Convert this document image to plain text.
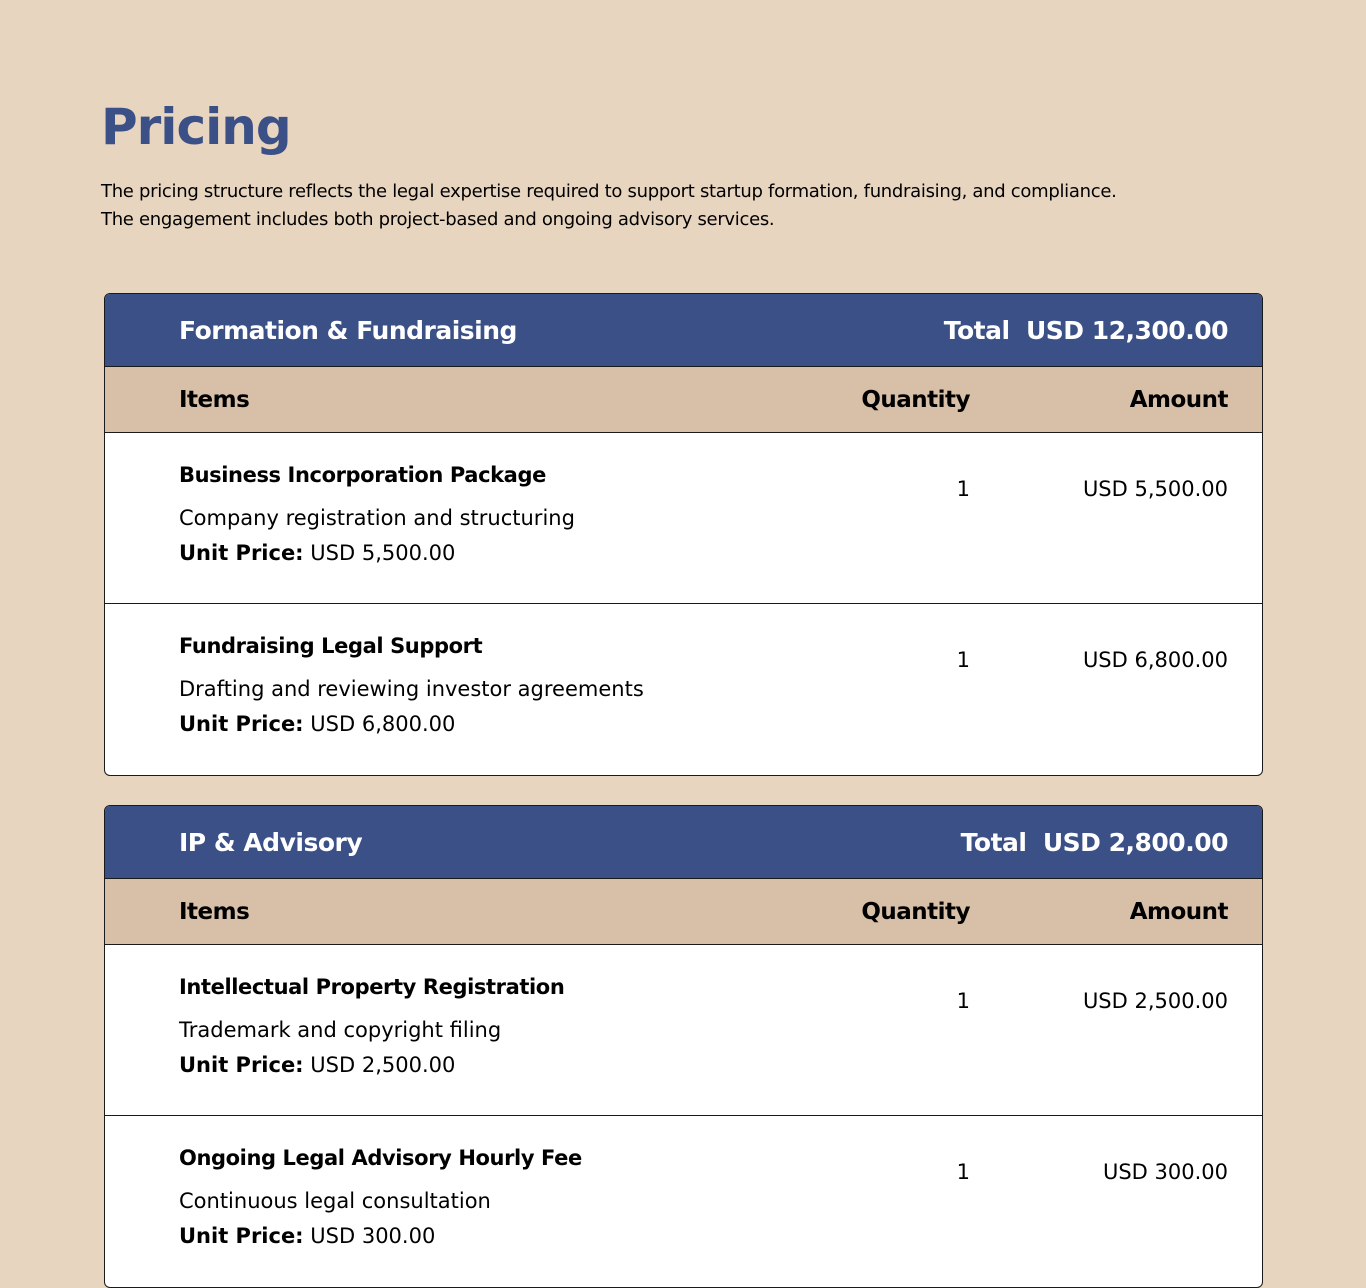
Pricing

The pricing structure reflects the legal expertise required to support startup formation, fundraising, and compliance.
The engagement includes both project-based and ongoing advisory services.

Formation & Fundraising	Total  USD 12,300.00
Items	Quantity	Amount
Business Incorporation Package
Company registration and structuring
Unit Price: USD 5,500.00
1	USD 5,500.00
Fundraising Legal Support
Drafting and reviewing investor agreements
Unit Price: USD 6,800.00
1	USD 6,800.00
IP & Advisory	Total  USD 2,800.00
Items	Quantity	Amount
Intellectual Property Registration
Trademark and copyright filing
Unit Price: USD 2,500.00
1	USD 2,500.00
Ongoing Legal Advisory Hourly Fee
Continuous legal consultation
Unit Price: USD 300.00
1	USD 300.00
